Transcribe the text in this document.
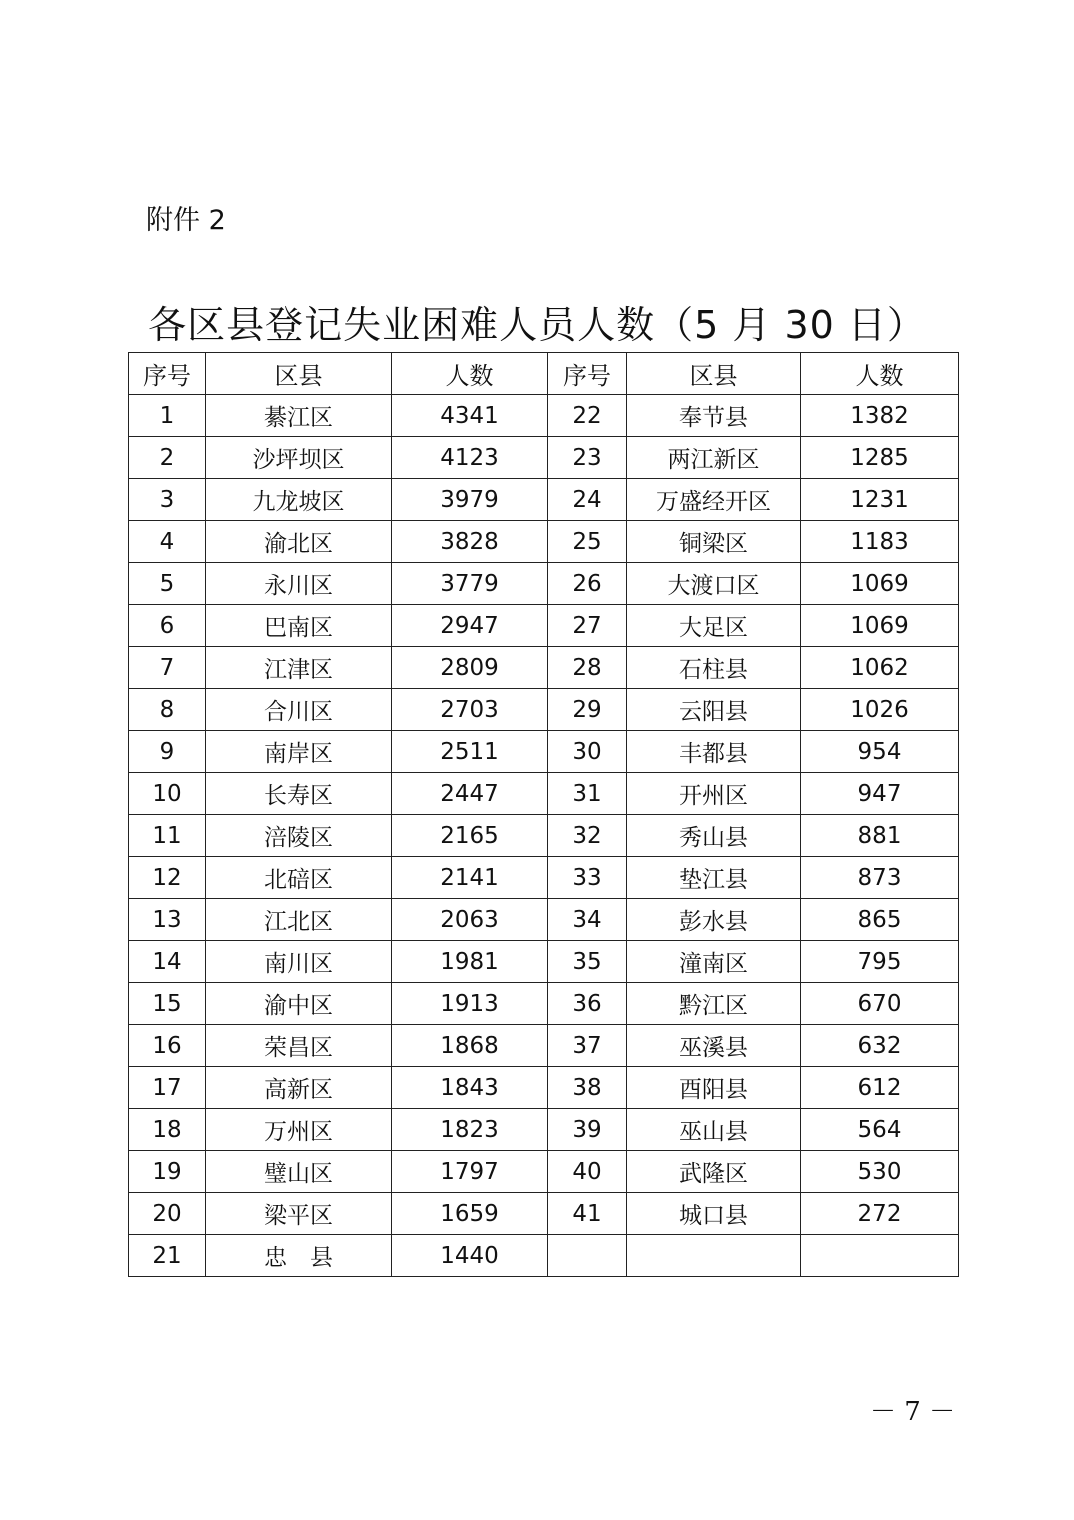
附件 2
各区县登记失业困难人员人数（5 月 30 日）
序号	区县	人数	序号	区县	人数
1	綦江区	4341	22	奉节县	1382
2	沙坪坝区	4123	23	两江新区	1285
3	九龙坡区	3979	24	万盛经开区	1231
4	渝北区	3828	25	铜梁区	1183
5	永川区	3779	26	大渡口区	1069
6	巴南区	2947	27	大足区	1069
7	江津区	2809	28	石柱县	1062
8	合川区	2703	29	云阳县	1026
9	南岸区	2511	30	丰都县	954
10	长寿区	2447	31	开州区	947
11	涪陵区	2165	32	秀山县	881
12	北碚区	2141	33	垫江县	873
13	江北区	2063	34	彭水县	865
14	南川区	1981	35	潼南区	795
15	渝中区	1913	36	黔江区	670
16	荣昌区	1868	37	巫溪县	632
17	高新区	1843	38	酉阳县	612
18	万州区	1823	39	巫山县	564
19	璧山区	1797	40	武隆区	530
20	梁平区	1659	41	城口县	272
21	忠　县	1440			
－ 7 －
